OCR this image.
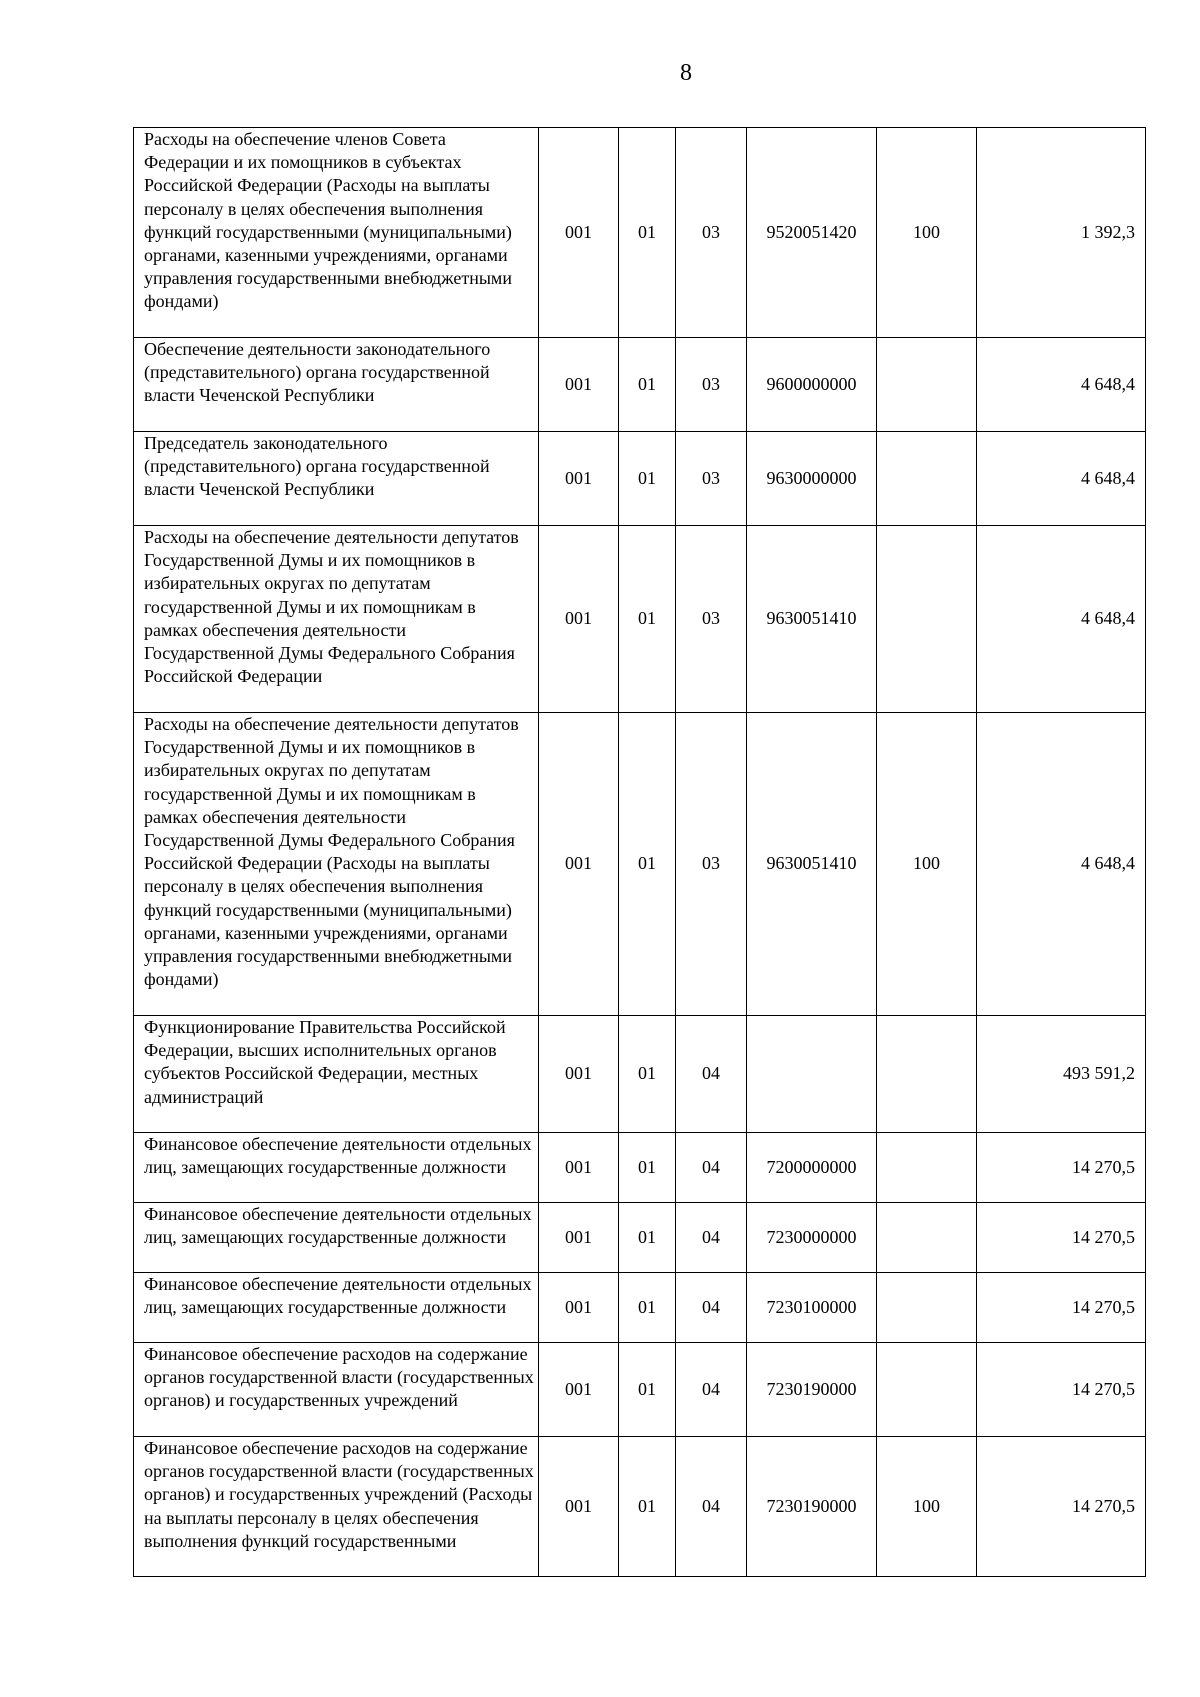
8
Расходы на обеспечение членов Совета Федерации и их помощников в субъектах Российской Федерации (Расходы на выплаты персоналу в целях обеспечения выполнения функций государственными (муниципальными) органами, казенными учреждениями, органами управления государственными внебюджетными фондами)	001	01	03	9520051420	100	1 392,3
Обеспечение деятельности законодательного (представительного) органа государственной власти Чеченской Республики	001	01	03	9600000000		4 648,4
Председатель законодательного (представительного) органа государственной власти Чеченской Республики	001	01	03	9630000000		4 648,4
Расходы на обеспечение деятельности депутатов Государственной Думы и их помощников в избирательных округах по депутатам государственной Думы и их помощникам в рамках обеспечения деятельности Государственной Думы Федерального Собрания Российской Федерации	001	01	03	9630051410		4 648,4
Расходы на обеспечение деятельности депутатов Государственной Думы и их помощников в избирательных округах по депутатам государственной Думы и их помощникам в рамках обеспечения деятельности Государственной Думы Федерального Собрания Российской Федерации (Расходы на выплаты персоналу в целях обеспечения выполнения функций государственными (муниципальными) органами, казенными учреждениями, органами управления государственными внебюджетными фондами)	001	01	03	9630051410	100	4 648,4
Функционирование Правительства Российской Федерации, высших исполнительных органов субъектов Российской Федерации, местных администраций	001	01	04			493 591,2
Финансовое обеспечение деятельности отдельных лиц, замещающих государственные должности	001	01	04	7200000000		14 270,5
Финансовое обеспечение деятельности отдельных лиц, замещающих государственные должности	001	01	04	7230000000		14 270,5
Финансовое обеспечение деятельности отдельных лиц, замещающих государственные должности	001	01	04	7230100000		14 270,5
Финансовое обеспечение расходов на содержание органов государственной власти (государственных органов) и государственных учреждений	001	01	04	7230190000		14 270,5
Финансовое обеспечение расходов на содержание органов государственной власти (государственных органов) и государственных учреждений (Расходы на выплаты персоналу в целях обеспечения выполнения функций государственными	001	01	04	7230190000	100	14 270,5
